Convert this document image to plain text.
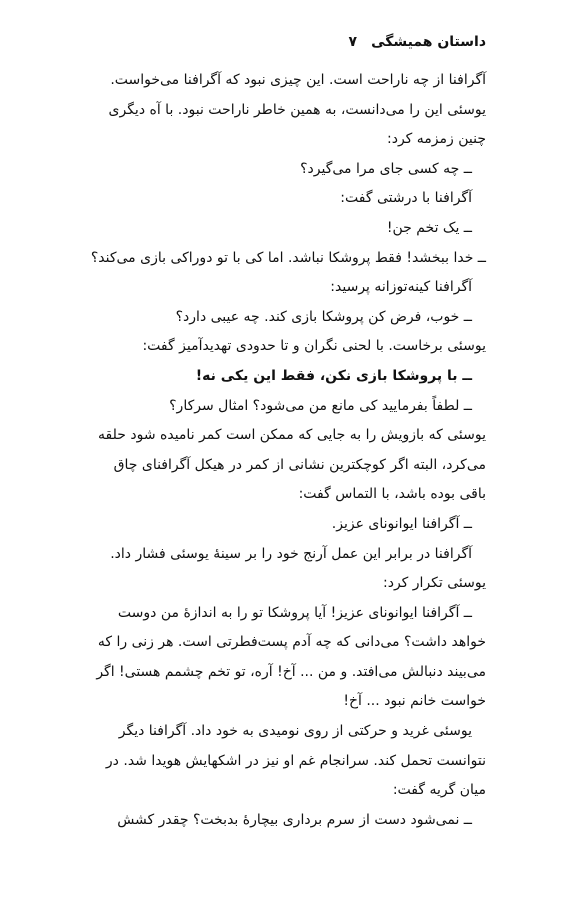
داستان همیشگی
۷

آگرافنا از چه ناراحت است. این چیزی نبود که آگرافنا می‌خواست.

یوسئی این را می‌دانست، به همین خاطر ناراحت نبود. با آه دیگری

چنین زمزمه کرد:

ــ چه کسی جای مرا می‌گیرد؟

آگرافنا با درشتی گفت:

ــ یک تخم جن!

ــ خدا ببخشد! فقط پروشکا نباشد. اما کی با تو دوراکی بازی می‌کند؟

آگرافنا کینه‌توزانه پرسید:

ــ خوب، فرض کن پروشکا بازی کند. چه عیبی دارد؟

یوسئی برخاست. با لحنی نگران و تا حدودی تهدیدآمیز گفت:

ــ با پروشکا بازی نکن، فقط این یکی نه!

ــ لطفاً بفرمایید کی مانع من می‌شود؟ امثال سرکار؟

یوسئی که بازویش را به جایی که ممکن است کمر نامیده شود حلقه

می‌کرد، البته اگر کوچکترین نشانی از کمر در هیکل آگرافنای چاق

باقی بوده باشد، با التماس گفت:

ــ آگرافنا ایوانونای عزیز.

آگرافنا در برابر این عمل آرنج خود را بر سینهٔ یوسئی فشار داد.

یوسئی تکرار کرد:

ــ آگرافنا ایوانونای عزیز! آیا پروشکا تو را به اندازهٔ من دوست

خواهد داشت؟ می‌دانی که چه آدم پست‌فطرتی است. هر زنی را که

می‌بیند دنبالش می‌افتد. و من ... آخ! آره، تو تخم چشمم هستی! اگر

خواست خانم نبود ... آخ!

یوسئی غرید و حرکتی از روی نومیدی به خود داد. آگرافنا دیگر

نتوانست تحمل کند. سرانجام غم او نیز در اشکهایش هویدا شد. در

میان گریه گفت:

ــ نمی‌شود دست از سرم برداری بیچارهٔ بدبخت؟ چقدر کشش
